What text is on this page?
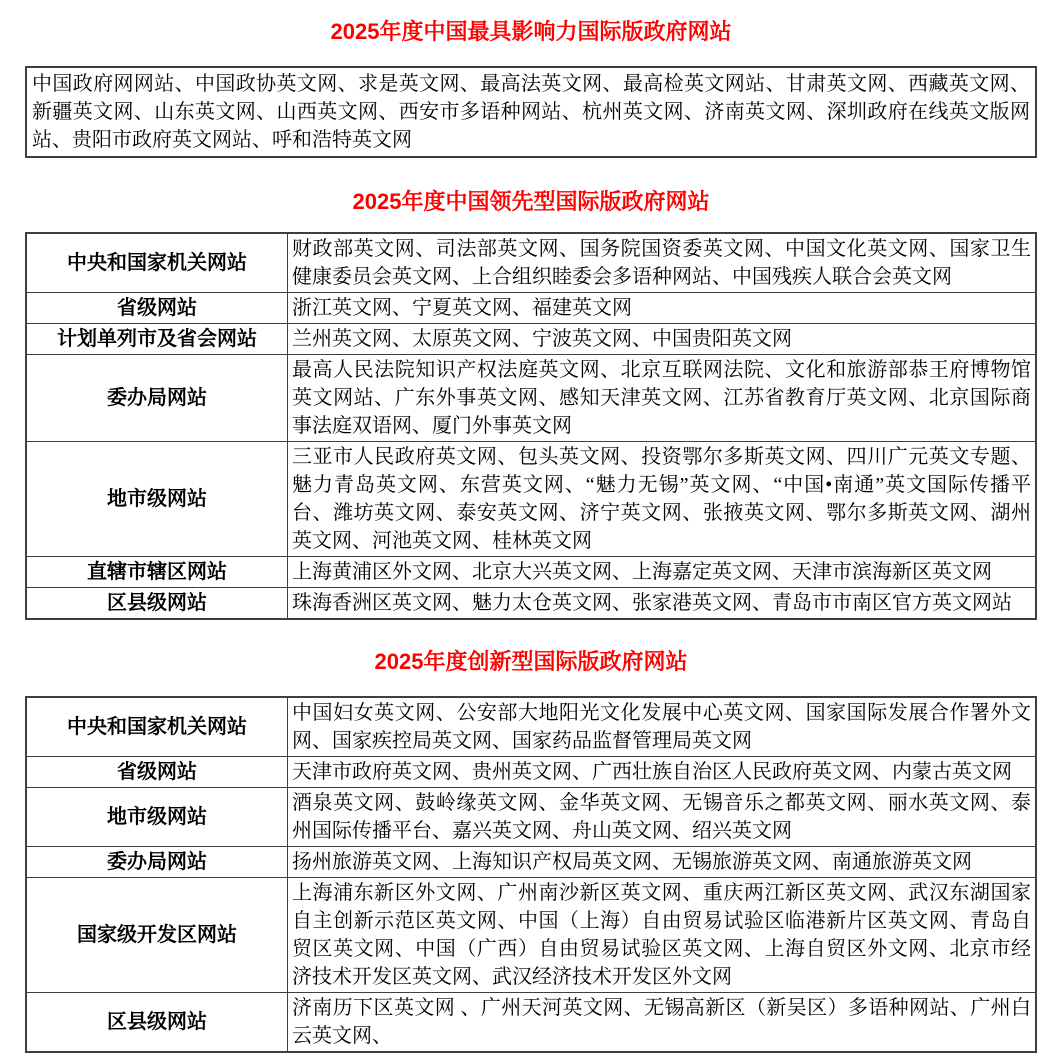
2025年度中国最具影响力国际版政府网站
中国政府网网站、中国政协英文网、求是英文网、最高法英文网、最高检英文网站、甘肃英文网、西藏英文网、新疆英文网、山东英文网、山西英文网、西安市多语种网站、杭州英文网、济南英文网、深圳政府在线英文版网站、贵阳市政府英文网站、呼和浩特英文网
2025年度中国领先型国际版政府网站
中央和国家机关网站	财政部英文网、司法部英文网、国务院国资委英文网、中国文化英文网、国家卫生健康委员会英文网、上合组织睦委会多语种网站、中国残疾人联合会英文网
省级网站	浙江英文网、宁夏英文网、福建英文网
计划单列市及省会网站	兰州英文网、太原英文网、宁波英文网、中国贵阳英文网
委办局网站	最高人民法院知识产权法庭英文网、北京互联网法院、文化和旅游部恭王府博物馆英文网站、广东外事英文网、感知天津英文网、江苏省教育厅英文网、北京国际商事法庭双语网、厦门外事英文网
地市级网站	三亚市人民政府英文网、包头英文网、投资鄂尔多斯英文网、四川广元英文专题、魅力青岛英文网、东营英文网、“魅力无锡”英文网、“中国•南通”英文国际传播平台、潍坊英文网、泰安英文网、济宁英文网、张掖英文网、鄂尔多斯英文网、湖州英文网、河池英文网、桂林英文网
直辖市辖区网站	上海黄浦区外文网、北京大兴英文网、上海嘉定英文网、天津市滨海新区英文网
区县级网站	珠海香洲区英文网、魅力太仓英文网、张家港英文网、青岛市市南区官方英文网站
2025年度创新型国际版政府网站
中央和国家机关网站	中国妇女英文网、公安部大地阳光文化发展中心英文网、国家国际发展合作署外文网、国家疾控局英文网、国家药品监督管理局英文网
省级网站	天津市政府英文网、贵州英文网、广西壮族自治区人民政府英文网、内蒙古英文网
地市级网站	酒泉英文网、鼓岭缘英文网、金华英文网、无锡音乐之都英文网、丽水英文网、泰州国际传播平台、嘉兴英文网、舟山英文网、绍兴英文网
委办局网站	扬州旅游英文网、上海知识产权局英文网、无锡旅游英文网、南通旅游英文网
国家级开发区网站	上海浦东新区外文网、广州南沙新区英文网、重庆两江新区英文网、武汉东湖国家自主创新示范区英文网、中国（上海）自由贸易试验区临港新片区英文网、青岛自贸区英文网、中国（广西）自由贸易试验区英文网、上海自贸区外文网、北京市经济技术开发区英文网、武汉经济技术开发区外文网
区县级网站	济南历下区英文网 、广州天河英文网、无锡高新区（新吴区）多语种网站、广州白云英文网、
